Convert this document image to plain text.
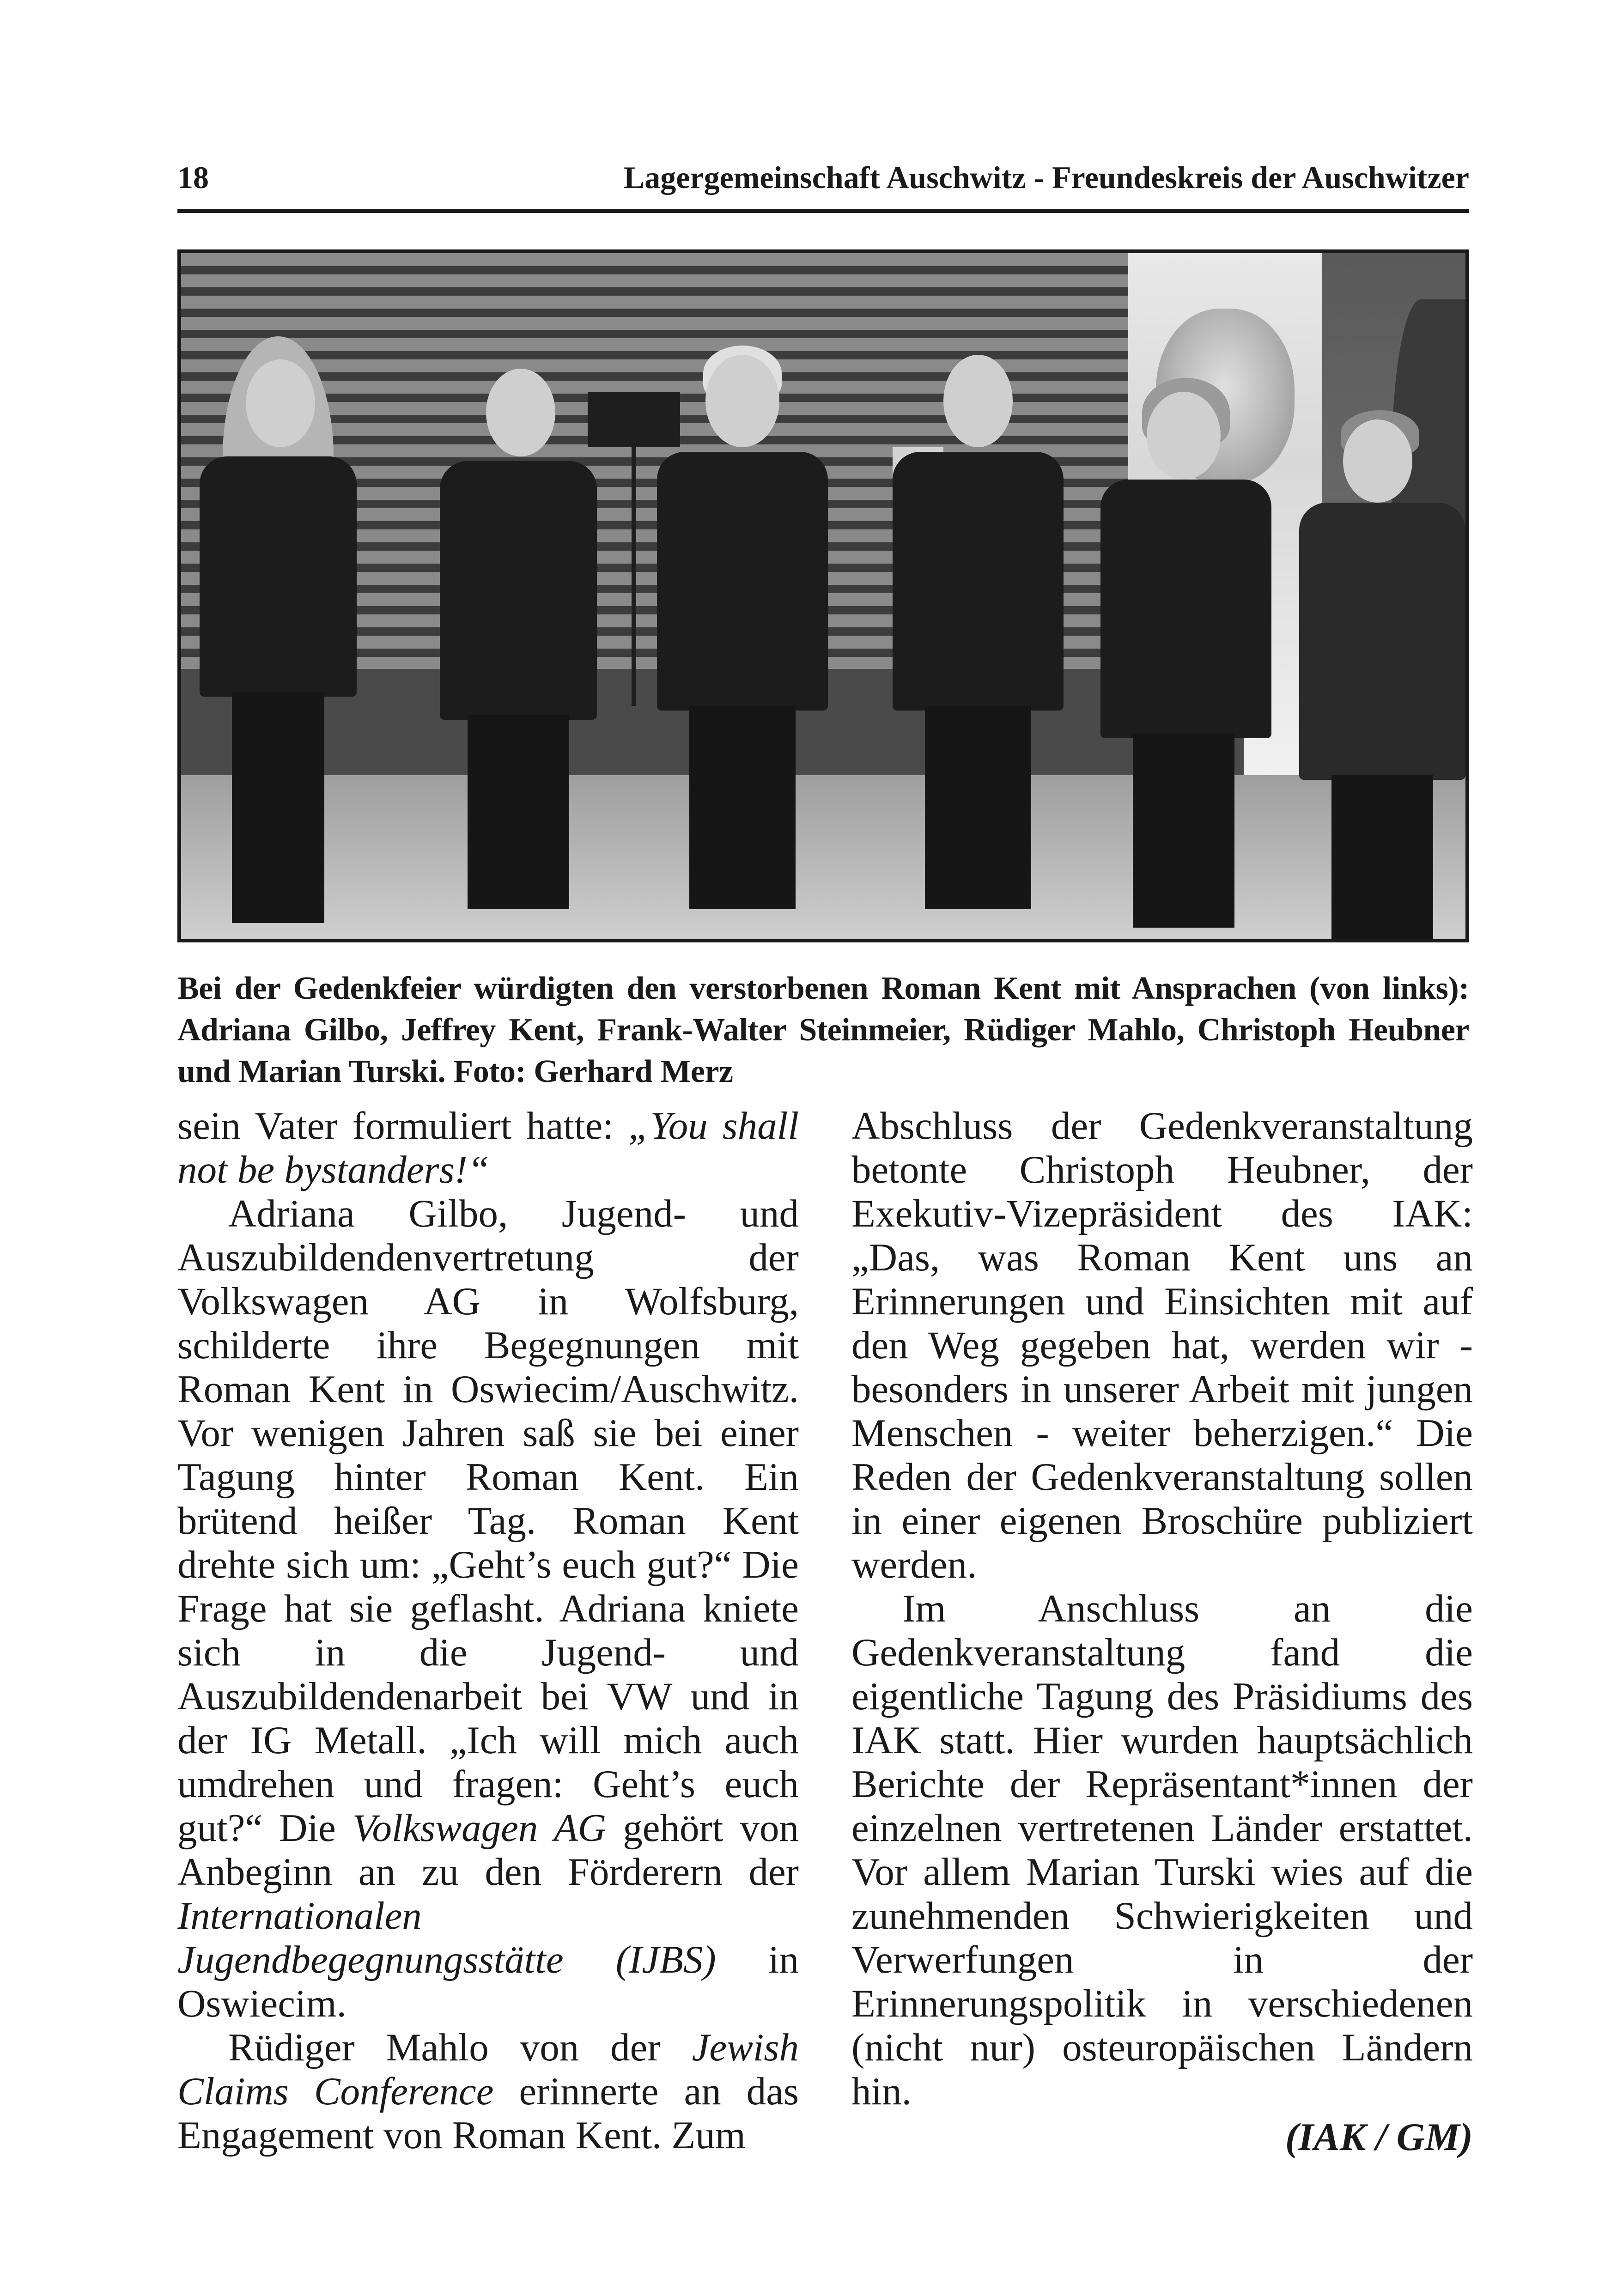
18	Lagergemeinschaft Auschwitz - Freundeskreis der Auschwitzer

Bei der Gedenkfeier würdigten den verstorbenen Roman Kent mit Ansprachen (von links): Adriana Gilbo, Jeffrey Kent, Frank-Walter Steinmeier, Rüdiger Mahlo, Christoph Heubner und Marian Turski. Foto: Gerhard Merz

sein Vater formuliert hatte: „You shall not be bystanders!“

Adriana Gilbo, Jugend- und Auszubildendenvertretung der Volkswagen AG in Wolfsburg, schilderte ihre Begegnungen mit Roman Kent in Oswiecim/Auschwitz. Vor wenigen Jahren saß sie bei einer Tagung hinter Roman Kent. Ein brütend heißer Tag. Roman Kent drehte sich um: „Geht’s euch gut?“ Die Frage hat sie geflasht. Adriana kniete sich in die Jugend- und Auszubildendenarbeit bei VW und in der IG Metall. „Ich will mich auch umdrehen und fragen: Geht’s euch gut?“ Die Volkswagen AG gehört von Anbeginn an zu den Förderern der Internationalen Jugendbegegnungsstätte (IJBS) in Oswiecim.

Rüdiger Mahlo von der Jewish Claims Conference erinnerte an das Engagement von Roman Kent. Zum

Abschluss der Gedenkveranstaltung betonte Christoph Heubner, der Exekutiv-Vizepräsident des IAK: „Das, was Roman Kent uns an Erinnerungen und Einsichten mit auf den Weg gegeben hat, werden wir - besonders in unserer Arbeit mit jungen Menschen - weiter beherzigen.“ Die Reden der Gedenkveranstaltung sollen in einer eigenen Broschüre publiziert werden.

Im Anschluss an die Gedenkveranstaltung fand die eigentliche Tagung des Präsidiums des IAK statt. Hier wurden hauptsächlich Berichte der Repräsentant*innen der einzelnen vertretenen Länder erstattet. Vor allem Marian Turski wies auf die zunehmenden Schwierigkeiten und Verwerfungen in der Erinnerungspolitik in verschiedenen (nicht nur) osteuropäischen Ländern hin.

(IAK / GM)
